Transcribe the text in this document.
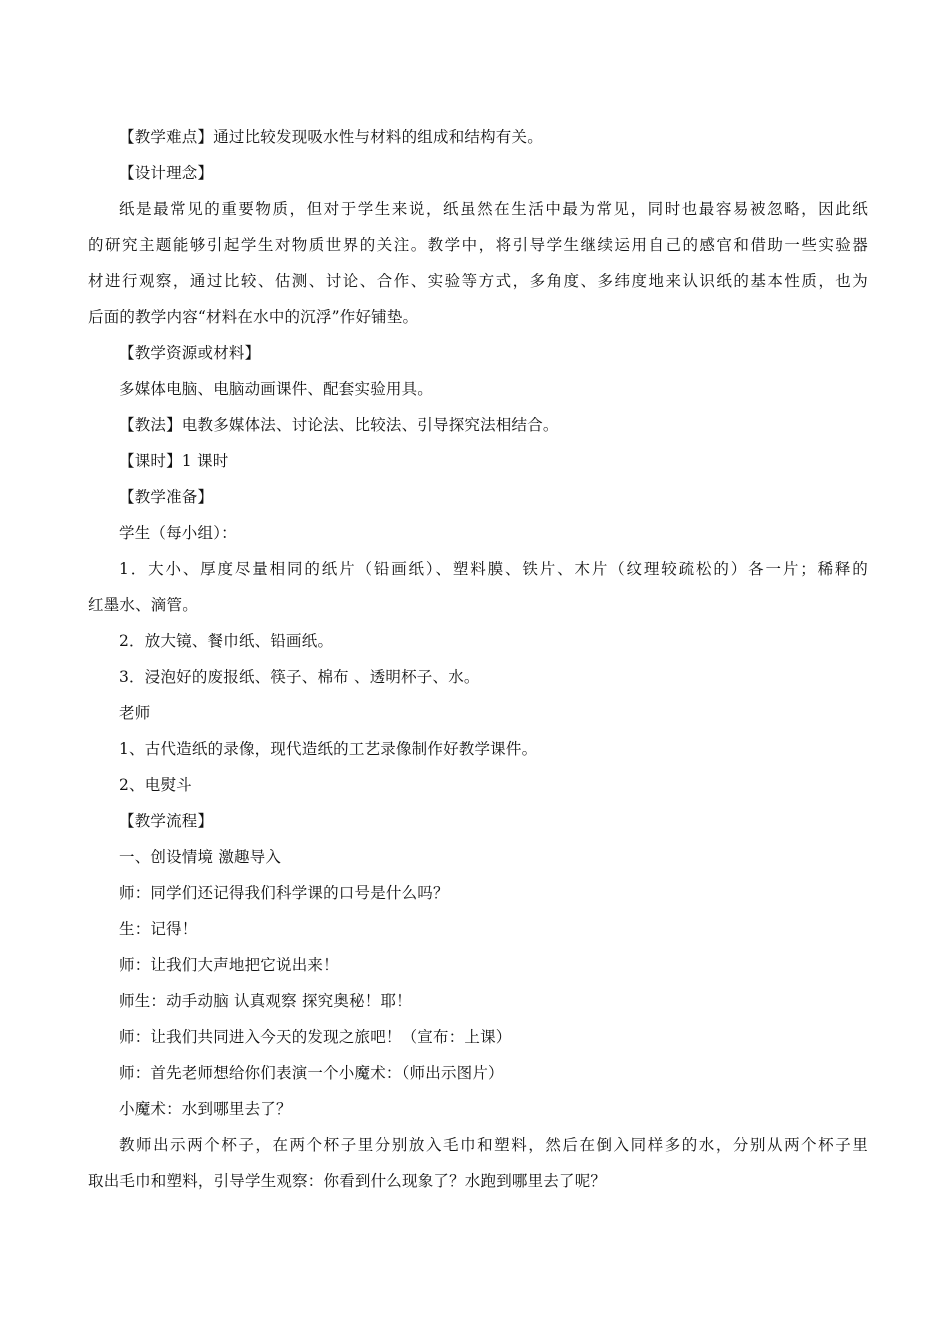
【教学难点】通过比较发现吸水性与材料的组成和结构有关。
【设计理念】
纸是最常见的重要物质，但对于学生来说，纸虽然在生活中最为常见，同时也最容易被忽略，因此纸
的研究主题能够引起学生对物质世界的关注。教学中，将引导学生继续运用自己的感官和借助一些实验器
材进行观察，通过比较、估测、讨论、合作、实验等方式，多角度、多纬度地来认识纸的基本性质，也为
后面的教学内容“材料在水中的沉浮”作好铺垫。
【教学资源或材料】
多媒体电脑、电脑动画课件、配套实验用具。
【教法】电教多媒体法、讨论法、比较法、引导探究法相结合。
【课时】1 课时
【教学准备】
学生（每小组）：
1．大小、厚度尽量相同的纸片（铅画纸）、塑料膜、铁片、木片（纹理较疏松的）各一片；稀释的
红墨水、滴管。
2．放大镜、餐巾纸、铅画纸。
3．浸泡好的废报纸、筷子、棉布 、透明杯子、水。
老师
1、古代造纸的录像，现代造纸的工艺录像制作好教学课件。
2、电熨斗
【教学流程】
一、创设情境 激趣导入
师：同学们还记得我们科学课的口号是什么吗？
生：记得！
师：让我们大声地把它说出来！
师生：动手动脑 认真观察 探究奥秘！耶！
师：让我们共同进入今天的发现之旅吧！（宣布：上课）
师：首先老师想给你们表演一个小魔术：（师出示图片）
小魔术：水到哪里去了？
教师出示两个杯子，在两个杯子里分别放入毛巾和塑料，然后在倒入同样多的水，分别从两个杯子里
取出毛巾和塑料，引导学生观察：你看到什么现象了？水跑到哪里去了呢？
